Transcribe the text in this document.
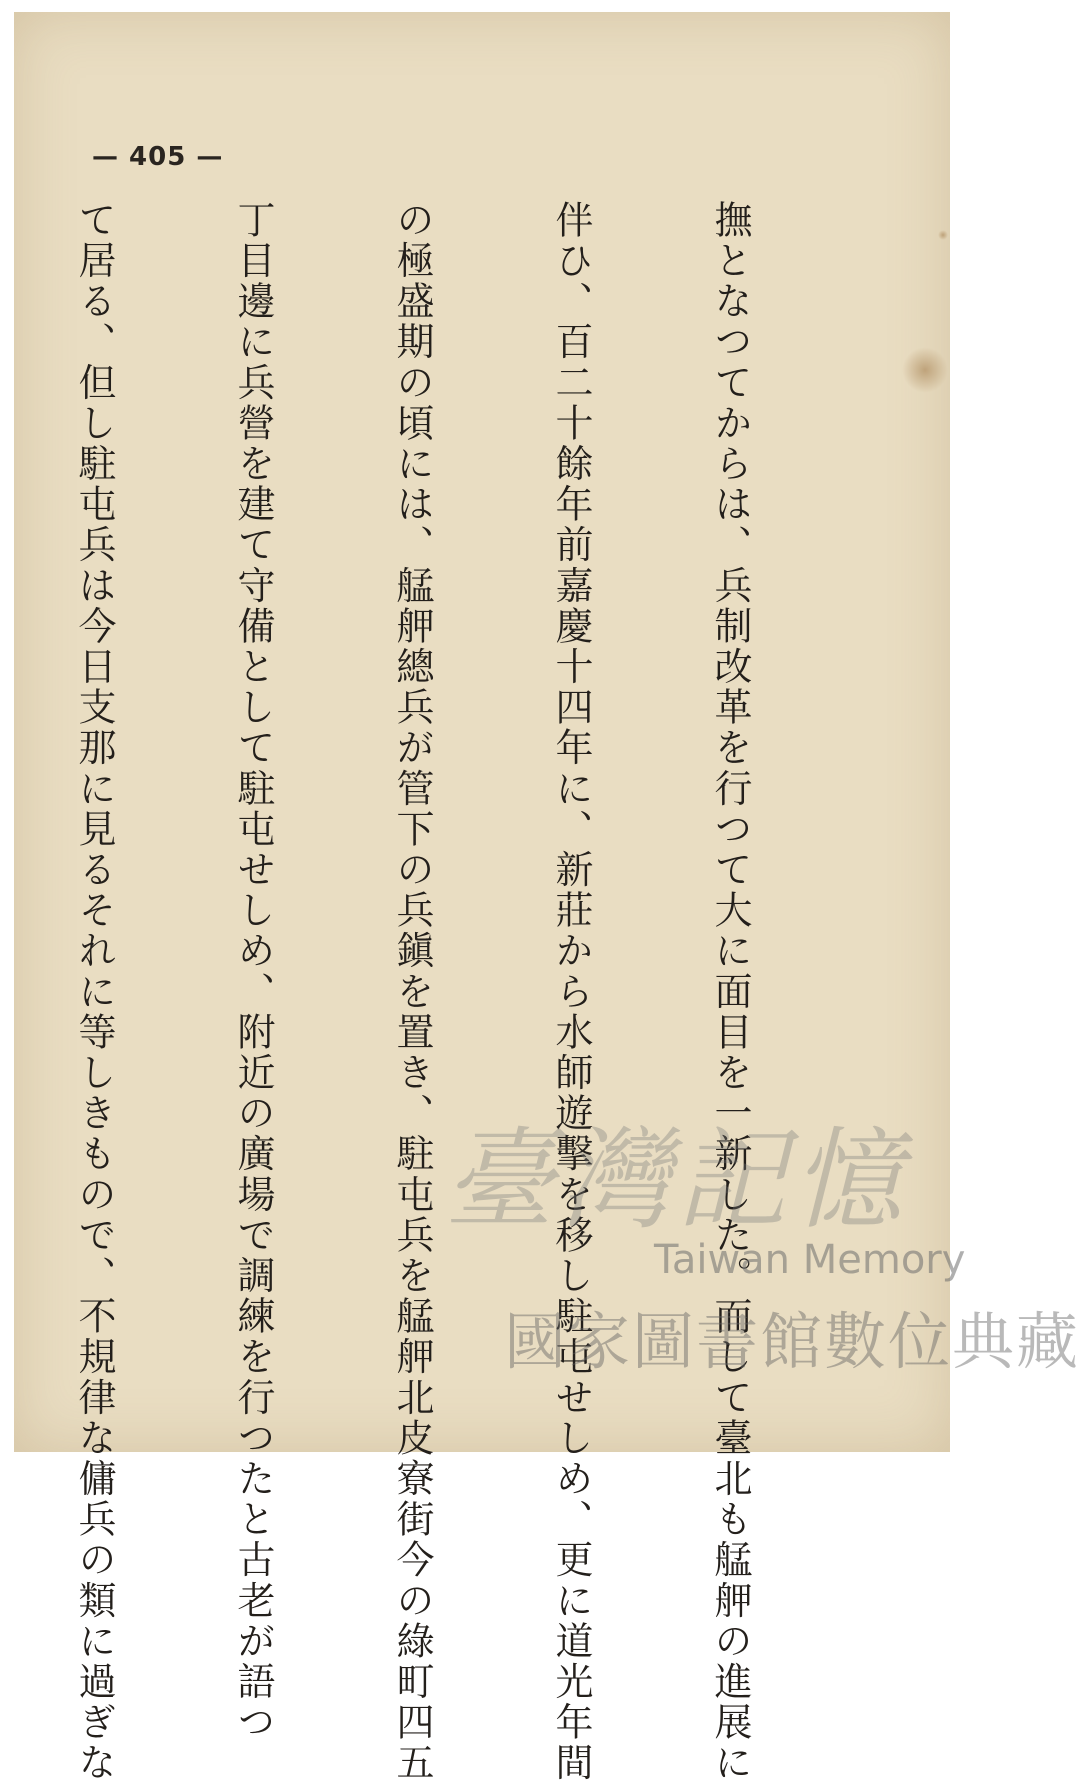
— 405 —

撫となつてからは、兵制改革を行つて大に面目を一新した。而して臺北も艋舺の進展に

伴ひ、百二十餘年前嘉慶十四年に、新莊から水師遊擊を移し駐屯せしめ、更に道光年間

の極盛期の頃には、艋舺總兵が管下の兵鎭を置き、駐屯兵を艋舺北皮寮街今の綠町四五

丁目邊に兵營を建て守備として駐屯せしめ、附近の廣場で調練を行つたと古老が語つ

て居る、但し駐屯兵は今日支那に見るそれに等しきもので、不規律な傭兵の類に過ぎな

	臺灣記憶
Taiwan Memory
國家圖書館數位典藏
